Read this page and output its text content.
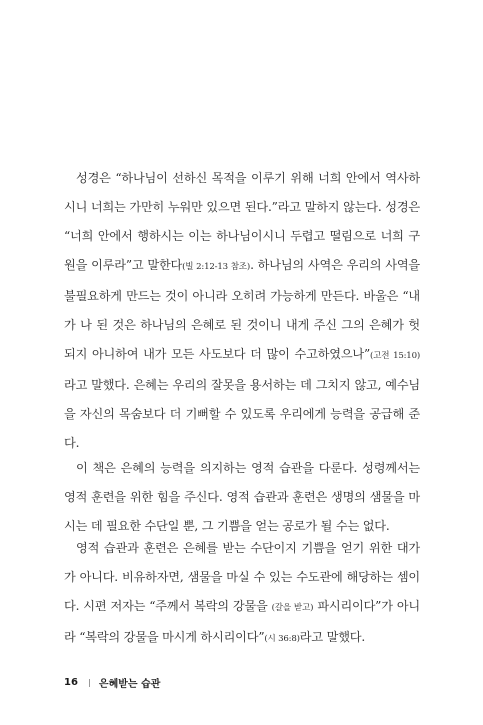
성경은 “하나님이 선하신 목적을 이루기 위해 너희 안에서 역사하시니 너희는 가만히 누워만 있으면 된다.”라고 말하지 않는다. 성경은 “너희 안에서 행하시는 이는 하나님이시니 두렵고 떨림으로 너희 구원을 이루라”고 말한다(빌 2:12-13 참조). 하나님의 사역은 우리의 사역을 불필요하게 만드는 것이 아니라 오히려 가능하게 만든다. 바울은 “내가 나 된 것은 하나님의 은혜로 된 것이니 내게 주신 그의 은혜가 헛되지 아니하여 내가 모든 사도보다 더 많이 수고하였으나”(고전 15:10)라고 말했다. 은혜는 우리의 잘못을 용서하는 데 그치지 않고, 예수님을 자신의 목숨보다 더 기뻐할 수 있도록 우리에게 능력을 공급해 준다.

이 책은 은혜의 능력을 의지하는 영적 습관을 다룬다. 성령께서는 영적 훈련을 위한 힘을 주신다. 영적 습관과 훈련은 생명의 샘물을 마시는 데 필요한 수단일 뿐, 그 기쁨을 얻는 공로가 될 수는 없다.

영적 습관과 훈련은 은혜를 받는 수단이지 기쁨을 얻기 위한 대가가 아니다. 비유하자면, 샘물을 마실 수 있는 수도관에 해당하는 셈이다. 시편 저자는 “주께서 복락의 강물을 (갈을 받고) 파시리이다”가 아니라 “복락의 강물을 마시게 하시리이다”(시 36:8)라고 말했다.

16 은혜받는 습관
